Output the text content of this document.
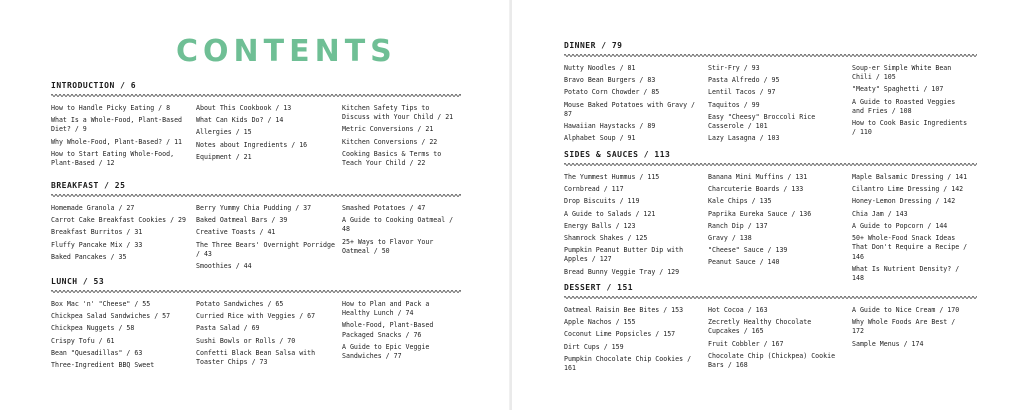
CONTENTS
INTRODUCTION / 6
How to Handle Picky Eating / 8
What Is a Whole-Food, Plant-Based Diet? / 9
Why Whole-Food, Plant-Based? / 11
How to Start Eating Whole-Food, Plant-Based / 12
About This Cookbook / 13
What Can Kids Do? / 14
Allergies / 15
Notes about Ingredients / 16
Equipment / 21
Kitchen Safety Tips to Discuss with Your Child / 21
Metric Conversions / 21
Kitchen Conversions / 22
Cooking Basics & Terms to Teach Your Child / 22
BREAKFAST / 25
Homemade Granola / 27
Carrot Cake Breakfast Cookies / 29
Breakfast Burritos / 31
Fluffy Pancake Mix / 33
Baked Pancakes / 35
Berry Yummy Chia Pudding / 37
Baked Oatmeal Bars / 39
Creative Toasts / 41
The Three Bears' Overnight Porridge / 43
Smoothies / 44
Smashed Potatoes / 47
A Guide to Cooking Oatmeal / 48
25+ Ways to Flavor Your Oatmeal / 50
LUNCH / 53
Box Mac 'n' "Cheese" / 55
Chickpea Salad Sandwiches / 57
Chickpea Nuggets / 58
Crispy Tofu / 61
Bean "Quesadillas" / 63
Three-Ingredient BBQ Sweet
Potato Sandwiches / 65
Curried Rice with Veggies / 67
Pasta Salad / 69
Sushi Bowls or Rolls / 70
Confetti Black Bean Salsa with Toaster Chips / 73
How to Plan and Pack a Healthy Lunch / 74
Whole-Food, Plant-Based Packaged Snacks / 76
A Guide to Epic Veggie Sandwiches / 77
DINNER / 79
Nutty Noodles / 81
Bravo Bean Burgers / 83
Potato Corn Chowder / 85
Mouse Baked Potatoes with Gravy / 87
Hawaiian Haystacks / 89
Alphabet Soup / 91
Stir-Fry / 93
Pasta Alfredo / 95
Lentil Tacos / 97
Taquitos / 99
Easy "Cheesy" Broccoli Rice Casserole / 101
Lazy Lasagna / 103
Soup-er Simple White Bean Chili / 105
"Meaty" Spaghetti / 107
A Guide to Roasted Veggies and Fries / 108
How to Cook Basic Ingredients / 110
SIDES & SAUCES / 113
The Yummest Hummus / 115
Cornbread / 117
Drop Biscuits / 119
A Guide to Salads / 121
Energy Balls / 123
Shamrock Shakes / 125
Pumpkin Peanut Butter Dip with Apples / 127
Bread Bunny Veggie Tray / 129
Banana Mini Muffins / 131
Charcuterie Boards / 133
Kale Chips / 135
Paprika Eureka Sauce / 136
Ranch Dip / 137
Gravy / 138
"Cheese" Sauce / 139
Peanut Sauce / 140
Maple Balsamic Dressing / 141
Cilantro Lime Dressing / 142
Honey-Lemon Dressing / 142
Chia Jam / 143
A Guide to Popcorn / 144
50+ Whole-Food Snack Ideas That Don't Require a Recipe / 146
What Is Nutrient Density? / 148
DESSERT / 151
Oatmeal Raisin Bee Bites / 153
Apple Nachos / 155
Coconut Lime Popsicles / 157
Dirt Cups / 159
Pumpkin Chocolate Chip Cookies / 161
Hot Cocoa / 163
Zecretly Healthy Chocolate Cupcakes / 165
Fruit Cobbler / 167
Chocolate Chip (Chickpea) Cookie Bars / 168
A Guide to Nice Cream / 170
Why Whole Foods Are Best / 172
Sample Menus / 174
